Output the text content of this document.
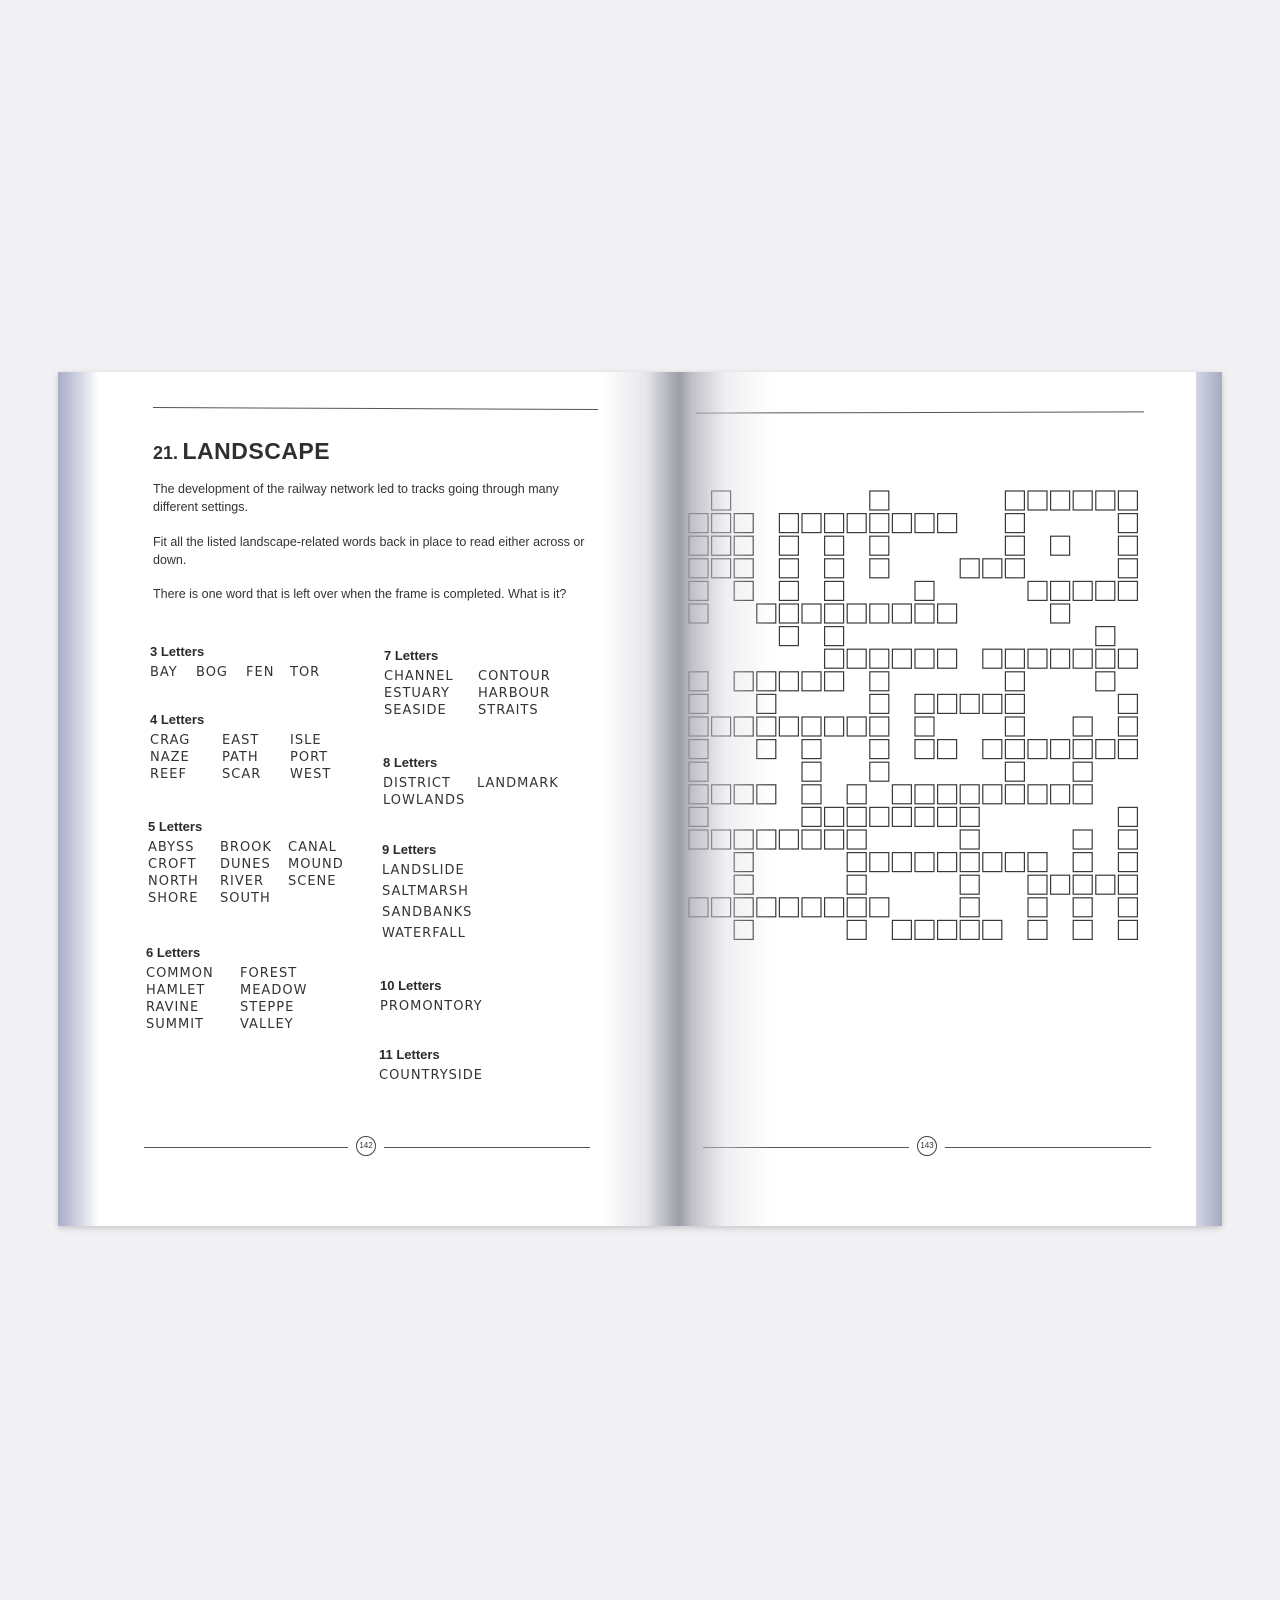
21. LANDSCAPE
The development of the railway network led to tracks going through many different settings.
Fit all the listed landscape-related words back in place to read either across or down.
There is one word that is left over when the frame is completed. What is it?
3 Letters
BAY	BOG	FEN	TOR
4 Letters
CRAG	EAST	ISLE
NAZE	PATH	PORT
REEF	SCAR	WEST
5 Letters
ABYSS	BROOK	CANAL
CROFT	DUNES	MOUND
NORTH	RIVER	SCENE
SHORE	SOUTH
6 Letters
COMMON	FOREST
HAMLET	MEADOW
RAVINE	STEPPE
SUMMIT	VALLEY
7 Letters
CHANNEL	CONTOUR
ESTUARY	HARBOUR
SEASIDE	STRAITS
8 Letters
DISTRICT	LANDMARK
LOWLANDS
9 Letters
LANDSLIDE
SALTMARSH
SANDBANKS
WATERFALL
10 Letters
PROMONTORY
11 Letters
COUNTRYSIDE
142	143
